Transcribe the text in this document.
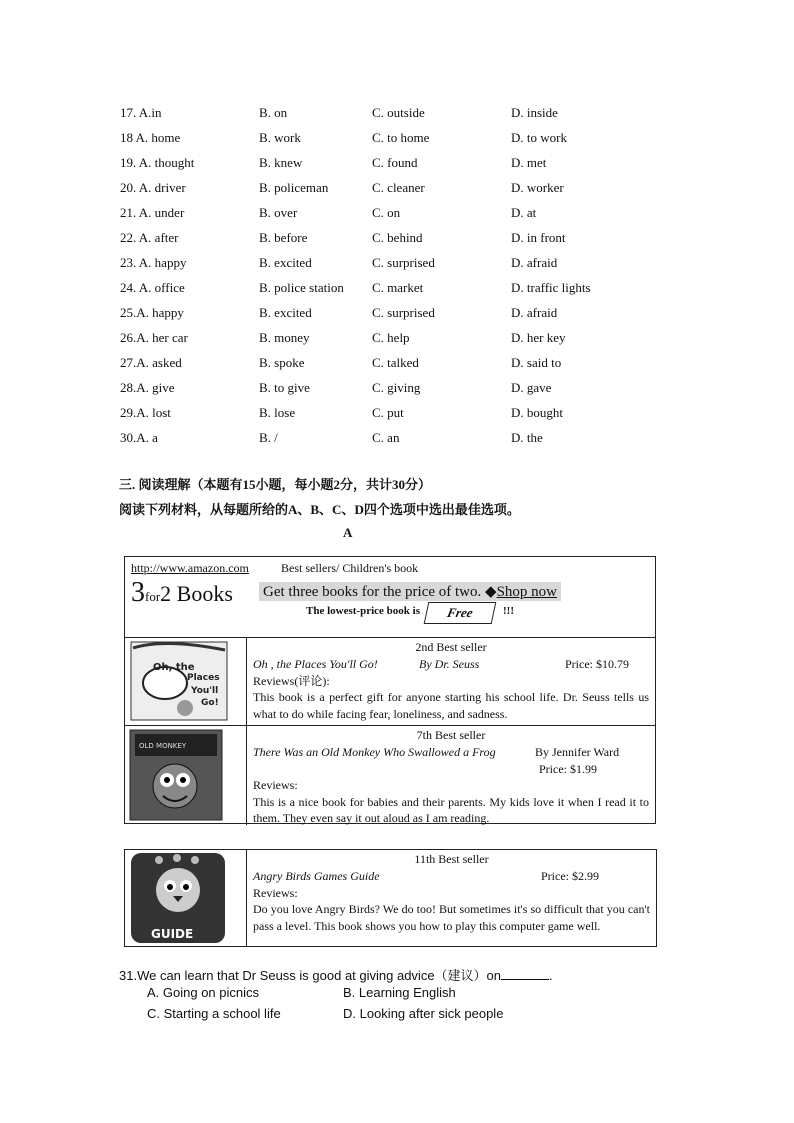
17. A.in	B. on	C. outside	D. inside
18 A. home	B. work	C. to home	D. to work
19. A. thought	B. knew	C. found	D. met
20. A. driver	B. policeman	C. cleaner	D. worker
21. A. under	B. over	C. on	D. at
22. A. after	B. before	C. behind	D. in front
23. A. happy	B. excited	C. surprised	D. afraid
24. A. office	B. police station	C. market	D. traffic lights
25.A. happy	B. excited	C. surprised	D. afraid
26.A. her car	B. money	C. help	D. her key
27.A. asked	B. spoke	C. talked	D. said to
28.A. give	B. to give	C. giving	D. gave
29.A. lost	B. lose	C. put	D. bought
30.A. a	B. /	C. an	D. the
三. 阅读理解（本题有15小题，每小题2分，共计30分）
阅读下列材料，从每题所给的A、B、C、D四个选项中选出最佳选项。
A
http://www.amazon.com	Best sellers/ Children's book
3for2 Books Get three books for the price of two. ◆Shop now
The lowest-price book is	Free	!!!
Places
You'll
Go!
Oh, the
2nd Best seller
Oh , the Places You'll Go!	By Dr. Seuss	Price: $10.79
Reviews(评论):
This book is a perfect gift for anyone starting his school life. Dr. Seuss tells us what to do while facing fear, loneliness, and sadness.
OLD MONKEY
7th Best seller
There Was an Old Monkey Who Swallowed a Frog	By Jennifer Ward
Price: $1.99
Reviews:
This is a nice book for babies and their parents. My kids love it when I read it to them. They even say it out aloud as I am reading.
GUIDE
11th Best seller
Angry Birds Games Guide	Price: $2.99
Reviews:
Do you love Angry Birds? We do too! But sometimes it's so difficult that you can't pass a level. This book shows you how to play this computer game well.
31.We can learn that Dr Seuss is good at giving advice（建议）on	.
A. Going on picnics	B. Learning English
C. Starting a school life	D. Looking after sick people
